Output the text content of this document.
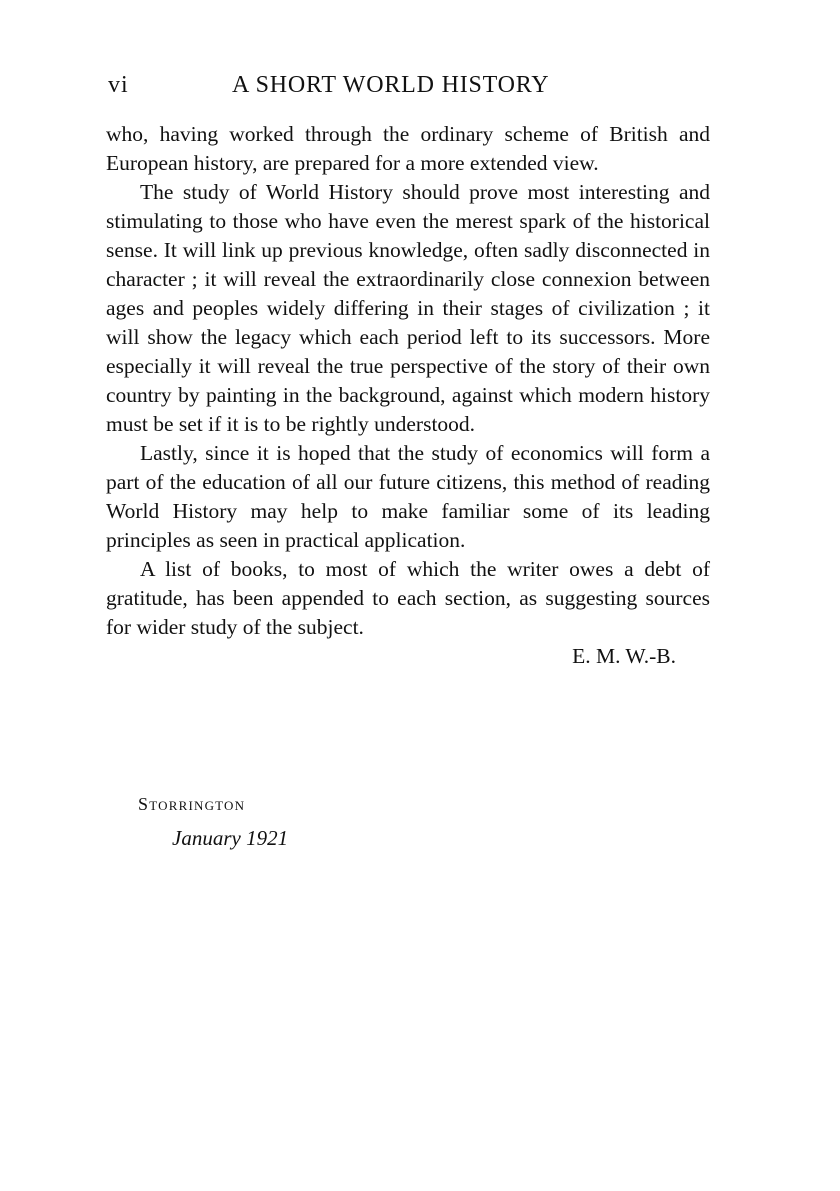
vi	A SHORT WORLD HISTORY

who, having worked through the ordinary scheme of British and European history, are prepared for a more extended view.

The study of World History should prove most interesting and stimulating to those who have even the merest spark of the historical sense. It will link up previous knowledge, often sadly disconnected in character ; it will reveal the extraordinarily close connexion between ages and peoples widely differing in their stages of civilization ; it will show the legacy which each period left to its successors. More especially it will reveal the true perspective of the story of their own country by painting in the background, against which modern history must be set if it is to be rightly understood.

Lastly, since it is hoped that the study of economics will form a part of the education of all our future citizens, this method of reading World History may help to make familiar some of its leading principles as seen in practical application.

A list of books, to most of which the writer owes a debt of gratitude, has been appended to each section, as suggesting sources for wider study of the subject.

E. M. W.-B.

Storrington
January 1921
